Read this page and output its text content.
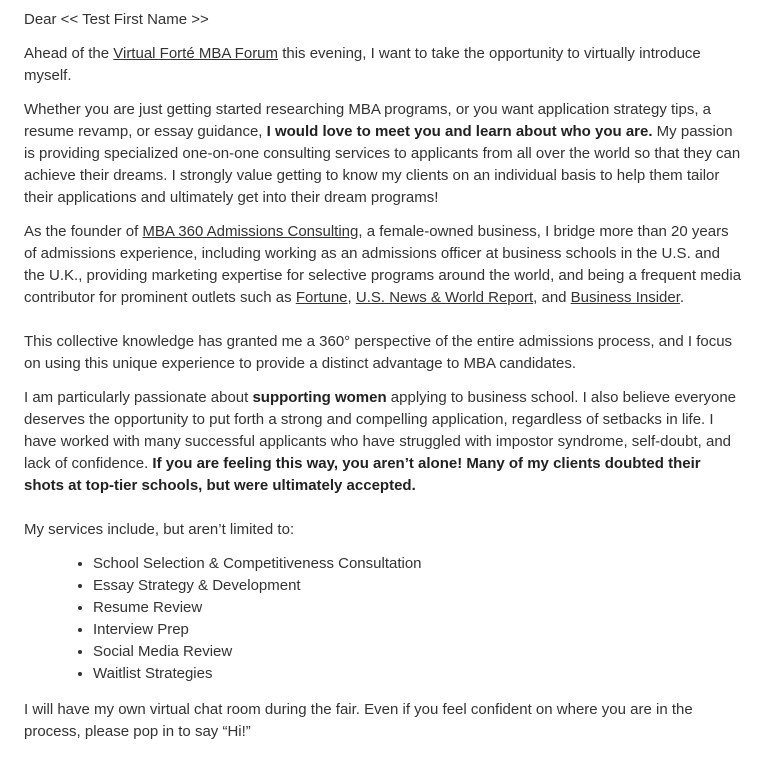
Dear << Test First Name >>

Ahead of the Virtual Forté MBA Forum this evening, I want to take the opportunity to virtually introduce myself.

Whether you are just getting started researching MBA programs, or you want application strategy tips, a resume revamp, or essay guidance, I would love to meet you and learn about who you are. My passion is providing specialized one-on-one consulting services to applicants from all over the world so that they can achieve their dreams. I strongly value getting to know my clients on an individual basis to help them tailor their applications and ultimately get into their dream programs!

As the founder of MBA 360 Admissions Consulting, a female-owned business, I bridge more than 20 years of admissions experience, including working as an admissions officer at business schools in the U.S. and the U.K., providing marketing expertise for selective programs around the world, and being a frequent media contributor for prominent outlets such as Fortune, U.S. News & World Report, and Business Insider.

This collective knowledge has granted me a 360° perspective of the entire admissions process, and I focus on using this unique experience to provide a distinct advantage to MBA candidates.

I am particularly passionate about supporting women applying to business school. I also believe everyone deserves the opportunity to put forth a strong and compelling application, regardless of setbacks in life. I have worked with many successful applicants who have struggled with impostor syndrome, self-doubt, and lack of confidence. If you are feeling this way, you aren’t alone! Many of my clients doubted their shots at top-tier schools, but were ultimately accepted.

My services include, but aren’t limited to:

• School Selection & Competitiveness Consultation
• Essay Strategy & Development
• Resume Review
• Interview Prep
• Social Media Review
• Waitlist Strategies

I will have my own virtual chat room during the fair. Even if you feel confident on where you are in the process, please pop in to say “Hi!”
